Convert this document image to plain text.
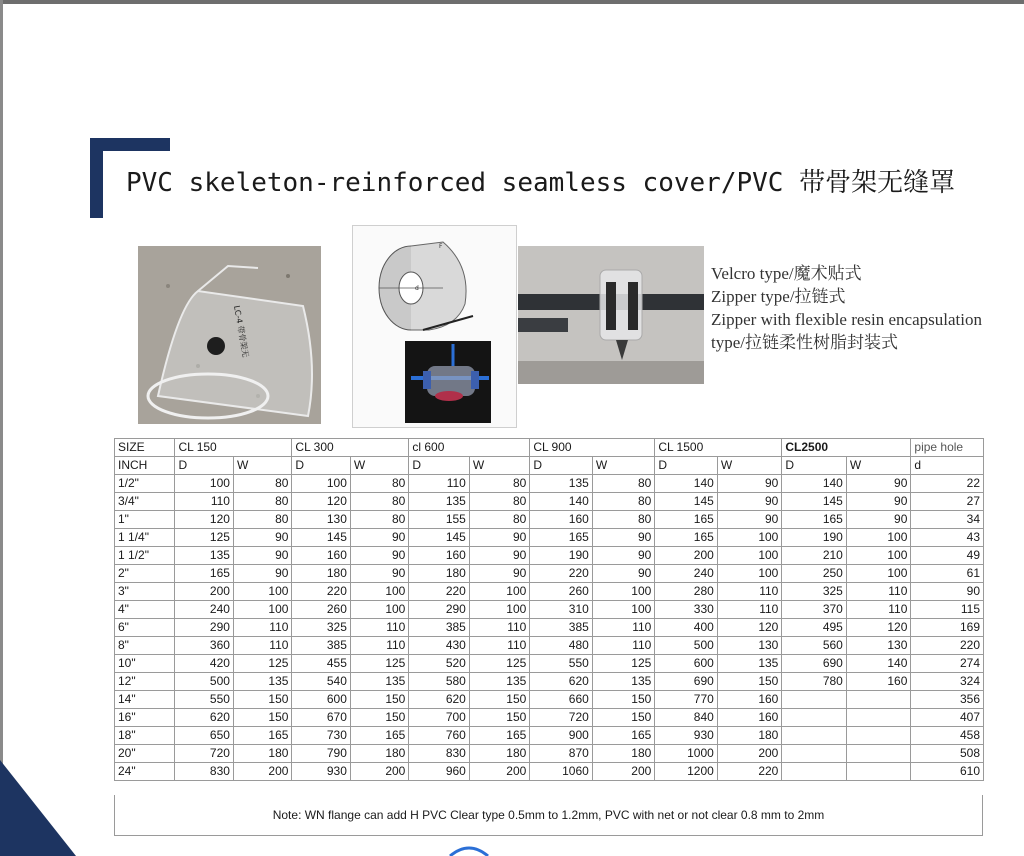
PVC skeleton-reinforced seamless cover/PVC 带骨架无缝罩
LC-4 带骨架无
d
F
Velcro type/魔术贴式
Zipper type/拉链式
Zipper with flexible resin encapsulation
type/拉链柔性树脂封装式
SIZE	CL 150		CL 300		cl 600		CL 900		CL 1500		CL2500		pipe hole
INCH	D	W	D	W	D	W	D	W	D	W	D	W	d
1/2"	100	80	100	80	110	80	135	80	140	90	140	90	22
3/4"	110	80	120	80	135	80	140	80	145	90	145	90	27
1"	120	80	130	80	155	80	160	80	165	90	165	90	34
1 1/4"	125	90	145	90	145	90	165	90	165	100	190	100	43
1 1/2"	135	90	160	90	160	90	190	90	200	100	210	100	49
2"	165	90	180	90	180	90	220	90	240	100	250	100	61
3"	200	100	220	100	220	100	260	100	280	110	325	110	90
4"	240	100	260	100	290	100	310	100	330	110	370	110	115
6"	290	110	325	110	385	110	385	110	400	120	495	120	169
8"	360	110	385	110	430	110	480	110	500	130	560	130	220
10"	420	125	455	125	520	125	550	125	600	135	690	140	274
12"	500	135	540	135	580	135	620	135	690	150	780	160	324
14"	550	150	600	150	620	150	660	150	770	160			356
16"	620	150	670	150	700	150	720	150	840	160			407
18"	650	165	730	165	760	165	900	165	930	180			458
20"	720	180	790	180	830	180	870	180	1000	200			508
24"	830	200	930	200	960	200	1060	200	1200	220			610
Note: WN flange can add H PVC Clear type 0.5mm to 1.2mm, PVC with net or not clear 0.8 mm to 2mm
